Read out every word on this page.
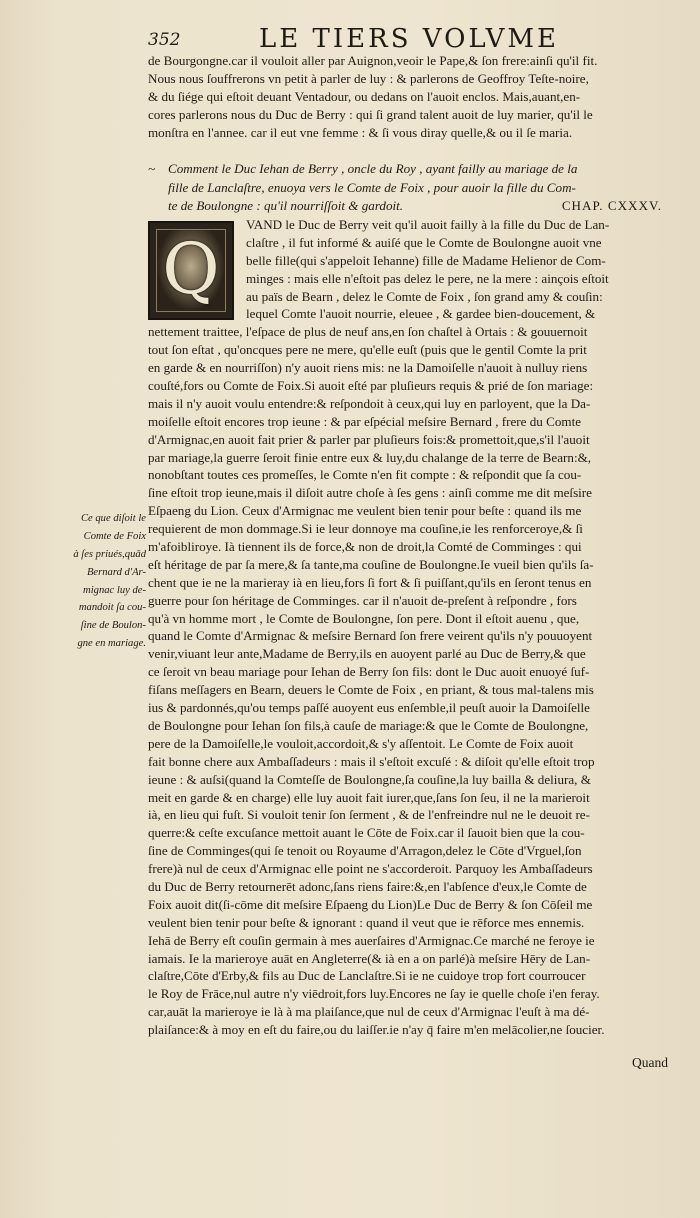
352	LE TIERS VOLVME
de Bourgongne.car il vouloit aller par Auignon,veoir le Pape,& ſon frere:ainſi qu'il fit.
Nous nous ſouffrerons vn petit à parler de luy : & parlerons de Geoffroy Teſte-noire,
& du ſiége qui eſtoit deuant Ventadour, ou dedans on l'auoit enclos. Mais,auant,en-
cores parlerons nous du Duc de Berry : qui ſi grand talent auoit de luy marier, qu'il le
monſtra en l'annee. car il eut vne femme : & ſi vous diray quelle,& ou il ſe maria.
~ Comment le Duc Iehan de Berry , oncle du Roy , ayant failly au mariage de la
fille de Lanclaſtre, enuoya vers le Comte de Foix , pour auoir la fille du Com-
te de Boulongne : qu'il nourriſſoit & gardoit.	CHAP. CXXXV.
Q
VAND le Duc de Berry veit qu'il auoit failly à la fille du Duc de Lan-
claſtre , il fut informé & auiſé que le Comte de Boulongne auoit vne
belle fille(qui s'appeloit Iehanne) fille de Madame Helienor de Com-
minges : mais elle n'eſtoit pas delez le pere, ne la mere : ainçois eſtoit
au païs de Bearn , delez le Comte de Foix , ſon grand amy & couſin:
lequel Comte l'auoit nourrie, eleuee , & gardee bien-doucement, &
nettement traittee, l'eſpace de plus de neuf ans,en ſon chaſtel à Ortais : & gouuernoit
tout ſon eſtat , qu'oncques pere ne mere, qu'elle euſt (puis que le gentil Comte la prit
en garde & en nourriſſon) n'y auoit riens mis: ne la Damoiſelle n'auoit à nulluy riens
couſté,fors ou Comte de Foix.Si auoit eſté par pluſieurs requis & prié de ſon mariage:
mais il n'y auoit voulu entendre:& reſpondoit à ceux,qui luy en parloyent, que la Da-
moiſelle eſtoit encores trop ieune : & par eſpécial meſsire Bernard , frere du Comte
d'Armignac,en auoit fait prier & parler par pluſieurs fois:& promettoit,que,s'il l'auoit
par mariage,la guerre ſeroit finie entre eux & luy,du chalange de la terre de Bearn:&,
nonobſtant toutes ces promeſſes, le Comte n'en fit compte : & reſpondit que ſa cou-
ſine eſtoit trop ieune,mais il diſoit autre choſe à ſes gens : ainſi comme me dit meſsire
Eſpaeng du Lion. Ceux d'Armignac me veulent bien tenir pour beſte : quand ils me
requierent de mon dommage.Si ie leur donnoye ma couſine,ie les renforceroye,& ſi
m'afoibliroye. Ià tiennent ils de force,& non de droit,la Comté de Comminges : qui
eſt héritage de par ſa mere,& ſa tante,ma couſine de Boulongne.Ie vueil bien qu'ils ſa-
chent que ie ne la marieray ià en lieu,fors ſi fort & ſi puiſſant,qu'ils en ſeront tenus en
guerre pour ſon héritage de Comminges. car il n'auoit de-preſent à reſpondre , fors
qu'à vn homme mort , le Comte de Boulongne, ſon pere. Dont il eſtoit auenu , que,
quand le Comte d'Armignac & meſsire Bernard ſon frere veirent qu'ils n'y pouuoyent
venir,viuant leur ante,Madame de Berry,ils en auoyent parlé au Duc de Berry,& que
ce ſeroit vn beau mariage pour Iehan de Berry ſon fils: dont le Duc auoit enuoyé ſuf-
fiſans meſſagers en Bearn, deuers le Comte de Foix , en priant, & tous mal-talens mis
ius & pardonnés,qu'ou temps paſſé auoyent eus enſemble,il peuſt auoir la Damoiſelle
de Boulongne pour Iehan ſon fils,à cauſe de mariage:& que le Comte de Boulongne,
pere de la Damoiſelle,le vouloit,accordoit,& s'y aſſentoit. Le Comte de Foix auoit
fait bonne chere aux Ambaſſadeurs : mais il s'eſtoit excuſé : & diſoit qu'elle eſtoit trop
ieune : & auſsi(quand la Comteſſe de Boulongne,ſa couſine,la luy bailla & deliura, &
meit en garde & en charge) elle luy auoit fait iurer,que,ſans ſon ſeu, il ne la marieroit
ià, en lieu qui fuſt. Si vouloit tenir ſon ſerment , & de l'enfreindre nul ne le deuoit re-
querre:& ceſte excuſance mettoit auant le Cōte de Foix.car il ſauoit bien que la cou-
ſine de Comminges(qui ſe tenoit ou Royaume d'Arragon,delez le Cōte d'Vrguel,ſon
frere)à nul de ceux d'Armignac elle point ne s'accorderoit. Parquoy les Ambaſſadeurs
du Duc de Berry retournerēt adonc,ſans riens faire:&,en l'abſence d'eux,le Comte de
Foix auoit dit(ſi-cōme dit meſsire Eſpaeng du Lion)Le Duc de Berry & ſon Cōſeil me
veulent bien tenir pour beſte & ignorant : quand il veut que ie rēforce mes ennemis.
Iehā de Berry eſt couſin germain à mes auerſaires d'Armignac.Ce marché ne feroye ie
iamais. Ie la marieroye auāt en Angleterre(& ià en a on parlé)à meſsire Hēry de Lan-
claſtre,Cōte d'Erby,& fils au Duc de Lanclaſtre.Si ie ne cuidoye trop fort courroucer
le Roy de Frāce,nul autre n'y viēdroit,fors luy.Encores ne ſay ie quelle choſe i'en feray.
car,auāt la marieroye ie là à ma plaiſance,que nul de ceux d'Armignac l'euſt à ma dé-
plaiſance:& à moy en eſt du faire,ou du laiſſer.ie n'ay q̄ faire m'en melācolier,ne ſoucier.
Ce que diſoit le
Comte de Foix
à ſes priués,quād
Bernard d'Ar-
mignac luy de-
mandoit ſa cou-
ſine de Boulon-
gne en mariage.
Quand
